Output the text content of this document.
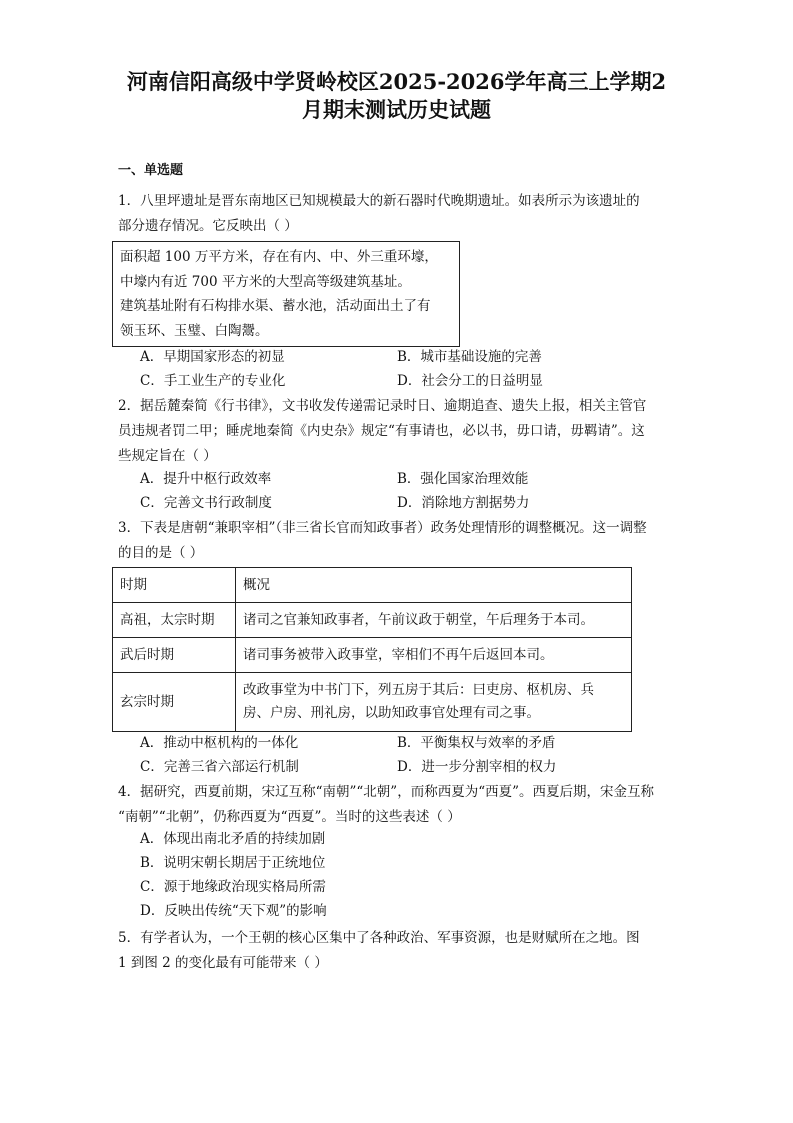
河南信阳高级中学贤岭校区2025-2026学年高三上学期2
月期末测试历史试题
一、单选题
1．八里坪遗址是晋东南地区已知规模最大的新石器时代晚期遗址。如表所示为该遗址的
部分遗存情况。它反映出（ ）
面积超 100 万平方米，存在有内、中、外三重环壕，
中壕内有近 700 平方米的大型高等级建筑基址。
建筑基址附有石构排水渠、蓄水池，活动面出土了有
领玉环、玉璧、白陶鬶。
A．早期国家形态的初显	B．城市基础设施的完善
C．手工业生产的专业化	D．社会分工的日益明显
2．据岳麓秦简《行书律》，文书收发传递需记录时日、逾期追查、遗失上报，相关主管官
员违规者罚二甲；睡虎地秦简《内史杂》规定“有事请也，必以书，毋口请，毋羁请”。这
些规定旨在（ ）
A．提升中枢行政效率	B．强化国家治理效能
C．完善文书行政制度	D．消除地方割据势力
3．下表是唐朝“兼职宰相”（非三省长官而知政事者）政务处理情形的调整概况。这一调整
的目的是（ ）
时期	概况
高祖，太宗时期	诸司之官兼知政事者，午前议政于朝堂，午后理务于本司。
武后时期	诸司事务被带入政事堂，宰相们不再午后返回本司。
玄宗时期	改政事堂为中书门下，列五房于其后：曰吏房、枢机房、兵
房、户房、刑礼房，以助知政事官处理有司之事。
A．推动中枢机构的一体化	B．平衡集权与效率的矛盾
C．完善三省六部运行机制	D．进一步分割宰相的权力
4．据研究，西夏前期，宋辽互称“南朝”“北朝”，而称西夏为“西夏”。西夏后期，宋金互称
“南朝”“北朝”，仍称西夏为“西夏”。当时的这些表述（ ）
A．体现出南北矛盾的持续加剧
B．说明宋朝长期居于正统地位
C．源于地缘政治现实格局所需
D．反映出传统“天下观”的影响
5．有学者认为，一个王朝的核心区集中了各种政治、军事资源，也是财赋所在之地。图
1 到图 2 的变化最有可能带来（ ）
